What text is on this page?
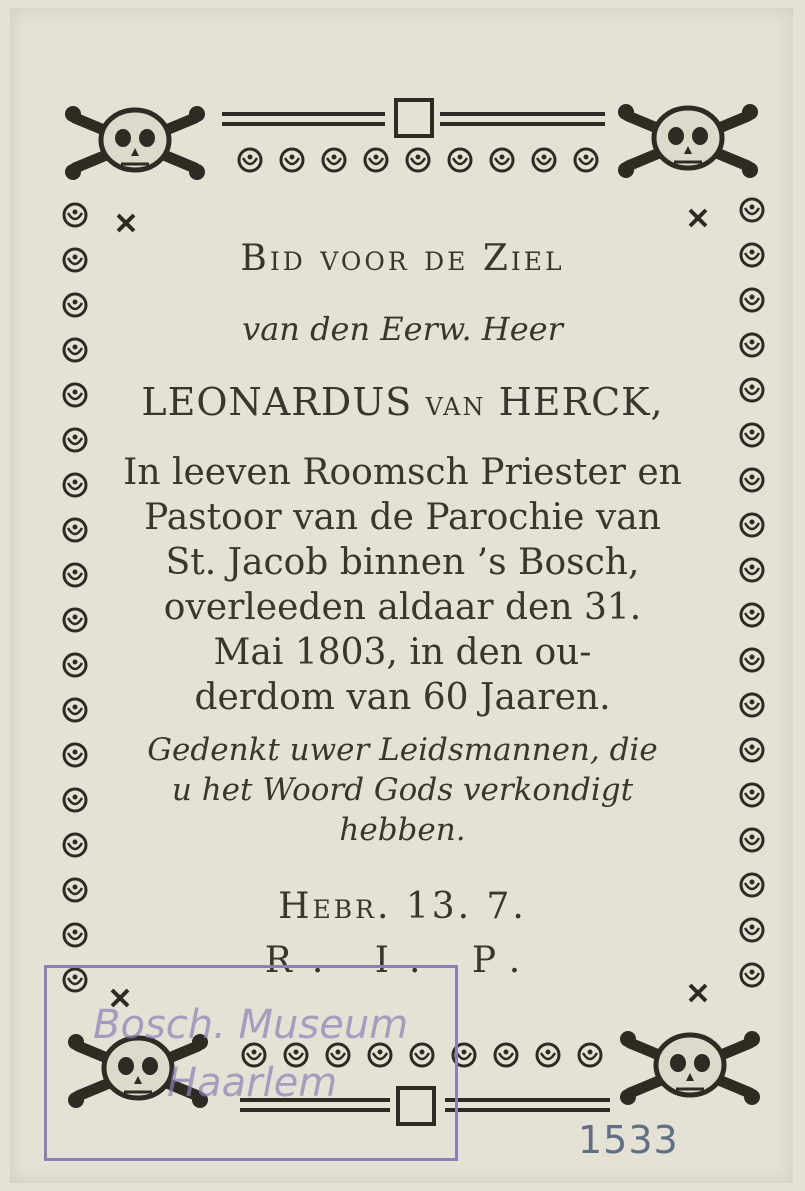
Bid voor de Ziel
van den Eerw. Heer
LEONARDUS van HERCK,
In leeven Roomsch Priester en
Pastoor van de Parochie van
St. Jacob binnen ’s Bosch,
overleeden aldaar den 31.
Mai 1803, in den ou-
derdom van 60 Jaaren.
Gedenkt uwer Leidsmannen, die
u het Woord Gods verkondigt
hebben.
Hebr. 13. 7.
R. I. P.
Bosch. Museum
Haarlem
1533
